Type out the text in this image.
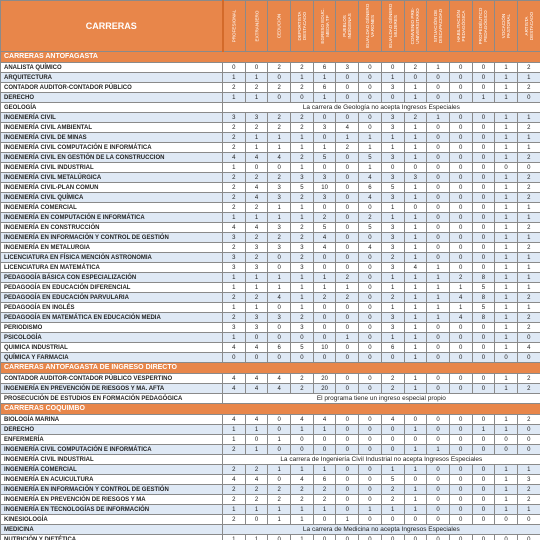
CARRERAS	PROFESIONAL	EXTRANJERO	CEDUCION	DEPORTISTA DESTACADO	EGRESO EDUC. MEDIA TP	PUEBLOS INDÍGENAS	IGUALDAD GÉNERO VARONES	IGUALDAD GÉNERO MUJERES	CONVENIO PRE-UNIVERSITARIO	SITUACIÓN DE DISCAPACIDAD	HABILITACIÓN PEDAGÓGICA	PROPEDÉUTICO PEDAGÓGICO	VOCACIÓN PASTORAL	ARTISTA DESTACADO

CARRERAS ANTOFAGASTA														
ANALISTA QUÍMICO	0	0	2	2	6	3	0	0	2	1	0	0	1	2
ARQUITECTURA	1	1	0	1	1	0	0	1	0	0	0	0	1	1
CONTADOR AUDITOR-CONTADOR PÚBLICO	2	2	2	2	6	0	0	3	1	0	0	0	1	2
DERECHO	1	1	0	0	1	0	0	0	1	0	0	1	1	0
GEOLOGÍA	La carrera de Geología no acepta Ingresos Especiales													
INGENIERÍA CIVIL	3	3	2	2	0	0	0	3	2	1	0	0	1	1
INGENIERÍA CIVIL AMBIENTAL	2	2	2	2	3	4	0	3	1	0	0	0	1	2
INGENIERÍA CIVIL DE MINAS	2	1	1	1	0	1	1	1	1	0	0	0	1	1
INGENIERÍA CIVIL COMPUTACIÓN E INFORMÁTICA	2	1	1	1	1	2	1	1	1	0	0	0	1	1
INGENIERÍA CIVIL EN GESTIÓN DE LA CONSTRUCCION	4	4	4	2	5	0	5	3	1	0	0	0	1	2
INGENIERÍA CIVIL INDUSTRIAL	1	0	0	1	0	0	1	0	0	0	0	0	0	0
INGENIERÍA CIVIL METALÚRGICA	2	2	2	3	3	0	4	3	3	0	0	0	1	2
INGENIERÍA CIVIL-PLAN COMUN	2	4	3	5	10	0	6	5	1	0	0	0	1	2
INGENIERÍA CIVIL QUÍMICA	2	4	3	2	3	0	4	3	1	0	0	0	1	2
INGENIERÍA COMERCIAL	2	2	1	1	0	0	0	1	0	0	0	0	1	1
INGENIERÍA EN COMPUTACIÓN E INFORMÁTICA	1	1	1	1	2	0	2	1	1	0	0	0	1	1
INGENIERÍA EN CONSTRUCCIÓN	4	4	3	2	5	0	5	3	1	0	0	0	1	2
INGENIERÍA EN INFORMACIÓN Y CONTROL DE GESTIÓN	3	2	2	2	4	0	0	3	1	0	0	0	1	1
INGENIERÍA EN METALURGIA	2	3	3	3	4	0	4	3	1	0	0	0	1	2
LICENCIATURA EN FÍSICA MENCIÓN ASTRONOMIA	3	2	0	2	0	0	0	2	1	0	0	0	1	1
LICENCIATURA EN MATEMÁTICA	3	3	0	3	0	0	0	3	4	1	0	0	1	1
PEDAGOGÍA BÁSICA CON ESPECIALIZACIÓN	1	1	1	1	1	2	0	1	1	1	2	8	1	1
PEDAGOGÍA EN EDUCACIÓN DIFERENCIAL	1	1	1	1	1	1	0	1	1	1	1	5	1	1
PEDAGOGÍA EN EDUCACIÓN PARVULARIA	2	2	4	1	2	2	0	2	1	1	4	8	1	2
PEDAGOGÍA EN INGLÉS	1	1	0	1	0	0	0	1	1	1	1	5	1	1
PEDAGOGÍA EN MATEMÁTICA EN EDUCACIÓN MEDIA	2	3	3	2	0	0	0	3	1	1	4	8	1	2
PERIODISMO	3	3	0	3	0	0	0	3	1	0	0	0	1	2
PSICOLOGÍA	1	0	0	0	0	1	0	1	1	0	0	0	1	0
QUIMICA INDUSTRIAL	4	4	6	5	10	0	0	6	1	0	0	0	1	4
QUÍMICA Y FARMACIA	0	0	0	0	0	0	0	0	1	0	0	0	0	0
CARRERAS ANTOFAGASTA DE INGRESO DIRECTO														
CONTADOR AUDITOR-CONTADOR PÚBLICO VESPERTINO	4	4	4	2	20	0	0	2	1	0	0	0	1	2
INGENIERÍA EN PREVENCIÓN DE RIESGOS Y MA. AFTA	4	4	4	2	20	0	0	2	1	0	0	0	1	2
PROSECUCIÓN DE ESTUDIOS EN FORMACIÓN PEDAGÓGICA	El programa tiene un ingreso especial propio													
CARRERAS COQUIMBO														
BIOLOGÍA MARINA	4	4	0	4	4	0	0	4	0	0	0	0	1	2
DERECHO	1	1	0	1	1	0	0	0	1	0	0	1	1	0
ENFERMERÍA	1	0	1	0	0	0	0	0	0	0	0	0	0	0
INGENIERÍA CIVIL COMPUTACIÓN E INFORMÁTICA	2	1	0	0	0	0	0	0	1	1	0	0	0	0
INGENIERÍA CIVIL INDUSTRIAL	La carrera de Ingeniería Civil Industrial no acepta Ingresos Especiales													
INGENIERÍA COMERCIAL	2	2	1	1	1	0	0	1	1	0	0	0	1	1
INGENIERÍA EN ACUICULTURA	4	4	0	4	6	0	0	5	0	0	0	0	1	3
INGENIERÍA EN INFORMACIÓN Y CONTROL DE GESTIÓN	2	2	2	2	2	0	0	2	1	0	0	0	1	2
INGENIERÍA EN PREVENCIÓN DE RIESGOS Y MA	2	2	2	2	2	0	0	2	1	0	0	0	1	2
INGENIERÍA EN TECNOLOGÍAS DE INFORMACIÓN	1	1	1	1	1	0	1	1	1	0	0	0	1	1
KINESIOLOGÍA	2	0	1	1	0	1	0	0	0	0	0	0	0	0
MEDICINA	La carrera de Medicina no acepta Ingresos Especiales													
NUTRICIÓN Y DIETÉTICA	1	1	0	1	0	0	0	0	0	0	0	0	0	0
